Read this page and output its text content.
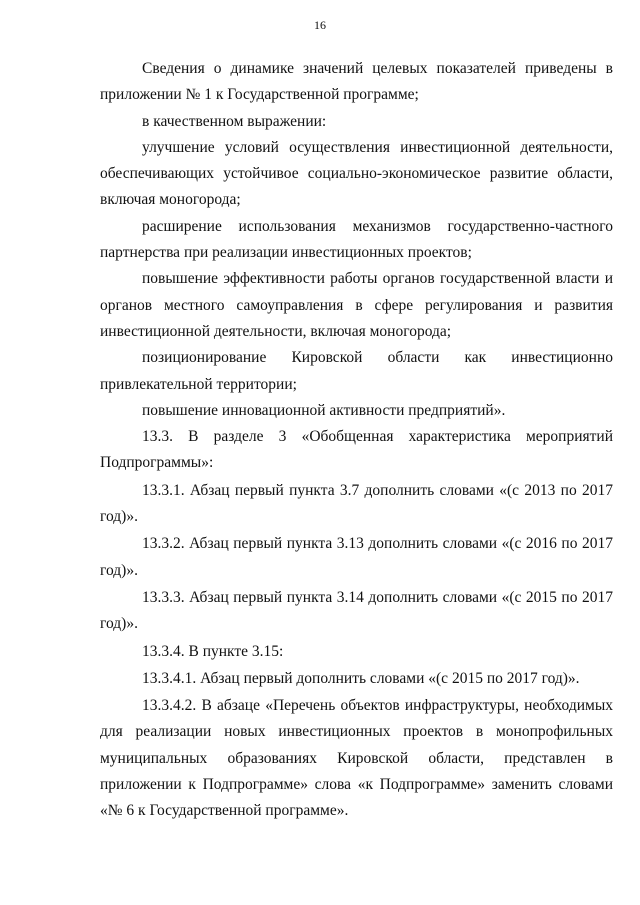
16

Сведения о динамике значений целевых показателей приведены в приложении № 1 к Государственной программе;

в качественном выражении:

улучшение условий осуществления инвестиционной деятельности, обеспечивающих устойчивое социально-экономическое развитие области, включая моногорода;

расширение использования механизмов государственно-частного партнерства при реализации инвестиционных проектов;

повышение эффективности работы органов государственной власти и органов местного самоуправления в сфере регулирования и развития инвестиционной деятельности, включая моногорода;

позиционирование Кировской области как инвестиционно привлекательной территории;

повышение инновационной активности предприятий».

13.3. В разделе 3 «Обобщенная характеристика мероприятий Подпрограммы»:

13.3.1. Абзац первый пункта 3.7 дополнить словами «(с 2013 по 2017 год)».

13.3.2. Абзац первый пункта 3.13 дополнить словами «(с 2016 по 2017 год)».

13.3.3. Абзац первый пункта 3.14 дополнить словами «(с 2015 по 2017 год)».

13.3.4. В пункте 3.15:

13.3.4.1. Абзац первый дополнить словами «(с 2015 по 2017 год)».

13.3.4.2. В абзаце «Перечень объектов инфраструктуры, необходимых для реализации новых инвестиционных проектов в монопрофильных муниципальных образованиях Кировской области, представлен в приложении к Подпрограмме» слова «к Подпрограмме» заменить словами «№ 6 к Государственной программе».
